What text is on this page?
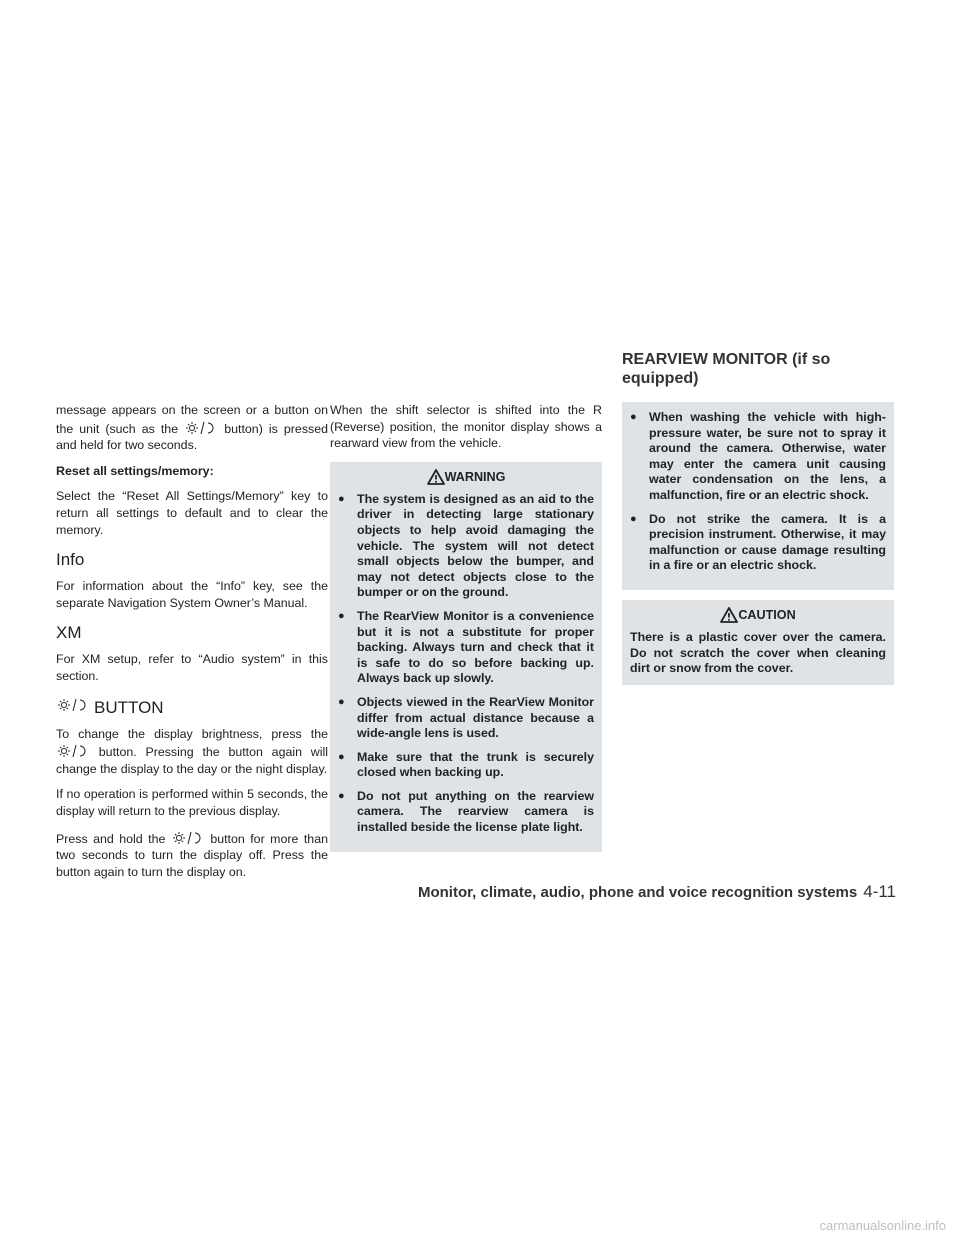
message appears on the screen or a button on the unit (such as the	button) is pressed and held for two seconds.

Reset all settings/memory:

Select the “Reset All Settings/Memory” key to return all settings to default and to clear the memory.

Info

For information about the “Info” key, see the separate Navigation System Owner’s Manual.

XM

For XM setup, refer to “Audio system” in this section.

BUTTON

To change the display brightness, press the
button. Pressing the button again will change the display to the day or the night display.

If no operation is performed within 5 seconds, the display will return to the previous display.

Press and hold the	button for more than two seconds to turn the display off. Press the button again to turn the display on.

When the shift selector is shifted into the R (Reverse) position, the monitor display shows a rearward view from the vehicle.

WARNING
● The system is designed as an aid to the driver in detecting large stationary objects to help avoid damaging the vehicle. The system will not detect small objects below the bumper, and may not detect objects close to the bumper or on the ground.
● The RearView Monitor is a convenience but it is not a substitute for proper backing. Always turn and check that it is safe to do so before backing up. Always back up slowly.
● Objects viewed in the RearView Monitor differ from actual distance because a wide-angle lens is used.
● Make sure that the trunk is securely closed when backing up.
● Do not put anything on the rearview camera. The rearview camera is installed beside the license plate light.
REARVIEW MONITOR (if so equipped)
● When washing the vehicle with high-pressure water, be sure not to spray it around the camera. Otherwise, water may enter the camera unit causing water condensation on the lens, a malfunction, fire or an electric shock.
● Do not strike the camera. It is a precision instrument. Otherwise, it may malfunction or cause damage resulting in a fire or an electric shock.
CAUTION

There is a plastic cover over the camera. Do not scratch the cover when cleaning dirt or snow from the cover.

Monitor, climate, audio, phone and voice recognition systems 4-11
carmanualsonline.info
